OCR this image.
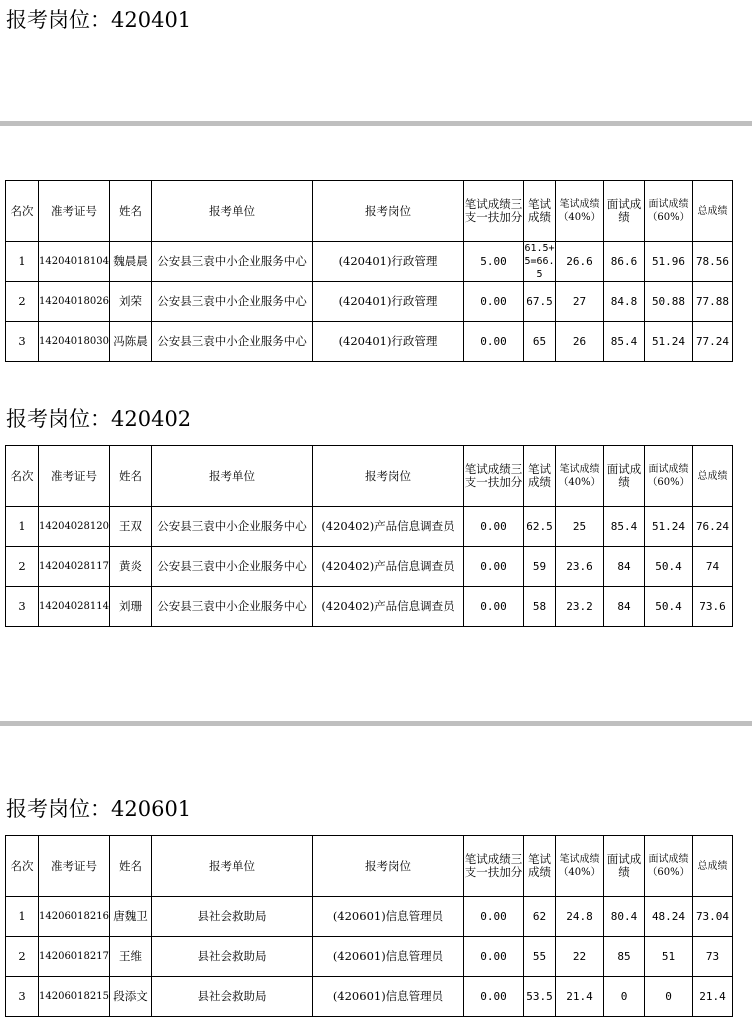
报考岗位：420401
名次	准考证号	姓名	报考单位	报考岗位	笔试成绩三支一扶加分	笔试成绩	笔试成绩（40%）	面试成绩	面试成绩（60%）	总成绩
1	14204018104	魏晨晨	公安县三袁中小企业服务中心	(420401)行政管理	5.00	61.5+5=66.5	26.6	86.6	51.96	78.56
2	14204018026	刘荣	公安县三袁中小企业服务中心	(420401)行政管理	0.00	67.5	27	84.8	50.88	77.88
3	14204018030	冯陈晨	公安县三袁中小企业服务中心	(420401)行政管理	0.00	65	26	85.4	51.24	77.24
报考岗位：420402
名次	准考证号	姓名	报考单位	报考岗位	笔试成绩三支一扶加分	笔试成绩	笔试成绩（40%）	面试成绩	面试成绩（60%）	总成绩
1	14204028120	王双	公安县三袁中小企业服务中心	(420402)产品信息调查员	0.00	62.5	25	85.4	51.24	76.24
2	14204028117	黄炎	公安县三袁中小企业服务中心	(420402)产品信息调查员	0.00	59	23.6	84	50.4	74
3	14204028114	刘珊	公安县三袁中小企业服务中心	(420402)产品信息调查员	0.00	58	23.2	84	50.4	73.6
报考岗位：420601
名次	准考证号	姓名	报考单位	报考岗位	笔试成绩三支一扶加分	笔试成绩	笔试成绩（40%）	面试成绩	面试成绩（60%）	总成绩
1	14206018216	唐魏卫	县社会救助局	(420601)信息管理员	0.00	62	24.8	80.4	48.24	73.04
2	14206018217	王维	县社会救助局	(420601)信息管理员	0.00	55	22	85	51	73
3	14206018215	段添文	县社会救助局	(420601)信息管理员	0.00	53.5	21.4	0	0	21.4
